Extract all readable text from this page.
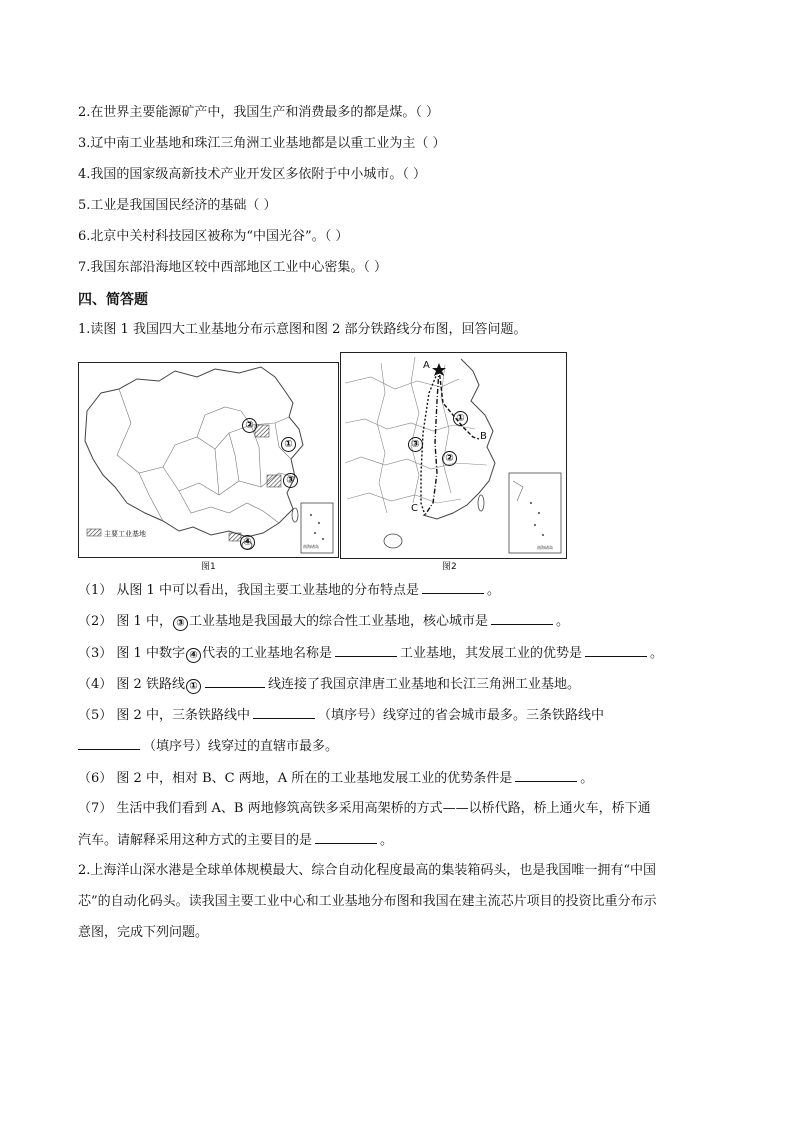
2.在世界主要能源矿产中，我国生产和消费最多的都是煤。（ ）
3.辽中南工业基地和珠江三角洲工业基地都是以重工业为主（ ）
4.我国的国家级高新技术产业开发区多依附于中小城市。（ ）
5.工业是我国国民经济的基础（ ）
6.北京中关村科技园区被称为“中国光谷”。（ ）
7.我国东部沿海地区较中西部地区工业中心密集。（ ）
四、简答题
1.读图 1 我国四大工业基地分布示意图和图 2 部分铁路线分布图，回答问题。
②
①
③
④
主要工业基地
南海诸岛
图1
A
B
C
①
②
③
南海诸岛
图2
（1） 从图 1 中可以看出，我国主要工业基地的分布特点是	。
（2） 图 1 中， ③ 工业基地是我国最大的综合性工业基地，核心城市是	。
（3） 图 1 中数字 ④ 代表的工业基地名称是	工业基地，其发展工业的优势是	。
（4） 图 2 铁路线 ①	线连接了我国京津唐工业基地和长江三角洲工业基地。
（5） 图 2 中，三条铁路线中	（填序号）线穿过的省会城市最多。三条铁路线中
（填序号）线穿过的直辖市最多。
（6） 图 2 中，相对 B、C 两地，A 所在的工业基地发展工业的优势条件是	。
（7） 生活中我们看到 A、B 两地修筑高铁多采用高架桥的方式——以桥代路，桥上通火车，桥下通
汽车。请解释采用这种方式的主要目的是	。
2.上海洋山深水港是全球单体规模最大、综合自动化程度最高的集装箱码头，也是我国唯一拥有“中国
芯”的自动化码头。读我国主要工业中心和工业基地分布图和我国在建主流芯片项目的投资比重分布示
意图，完成下列问题。
